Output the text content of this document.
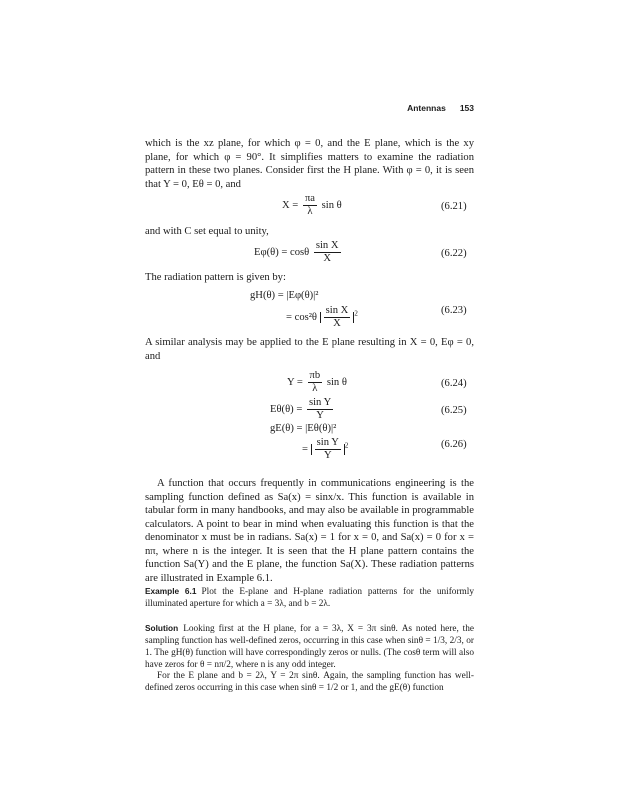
Antennas 153
which is the xz plane, for which φ = 0, and the E plane, which is the xy plane, for which φ = 90°. It simplifies matters to examine the radiation pattern in these two planes. Consider first the H plane. With φ = 0, it is seen that Y = 0, Eθ = 0, and
$X = \frac{\pi a}{\lambda}$ sin θ	(6.21)
and with C set equal to unity,
Eφ(θ) = cosθ $\frac{\text{sin X}}{X}$	(6.22)
The radiation pattern is given by:
gH(θ) = |Eφ(θ)|²
= $\cos^2\theta \frac{\text{sin X}}{X} ^2$	(6.23)
A similar analysis may be applied to the E plane resulting in X = 0, Eφ = 0, and
$Y = \frac{\pi b}{\lambda}$ sin θ	(6.24)
$E\theta(\theta) = \frac{\text{sin Y}}{Y}$	(6.25)
gE(θ) = |Eθ(θ)|²
= $\frac{\text{sin Y}}{Y} ^2$	(6.26)
A function that occurs frequently in communications engineering is the sampling function defined as Sa(x) = sinx/x. This function is available in tabular form in many handbooks, and may also be available in programmable calculators. A point to bear in mind when evaluating this function is that the denominator x must be in radians. Sa(x) = 1 for x = 0, and Sa(x) = 0 for x = nπ, where n is the integer. It is seen that the H plane pattern contains the function Sa(Y) and the E plane, the function Sa(X). These radiation patterns are illustrated in Example 6.1.
Example 6.1 Plot the E-plane and H-plane radiation patterns for the uniformly illuminated aperture for which a = 3λ, and b = 2λ.
Solution Looking first at the H plane, for a = 3λ, X = 3π sinθ. As noted here, the sampling function has well-defined zeros, occurring in this case when sinθ = 1/3, 2/3, or 1. The gH(θ) function will have correspondingly zeros or nulls. (The cosθ term will also have zeros for θ = nπ/2, where n is any odd integer.
For the E plane and b = 2λ, Y = 2π sinθ. Again, the sampling function has well-defined zeros occurring in this case when sinθ = 1/2 or 1, and the gE(θ) function
